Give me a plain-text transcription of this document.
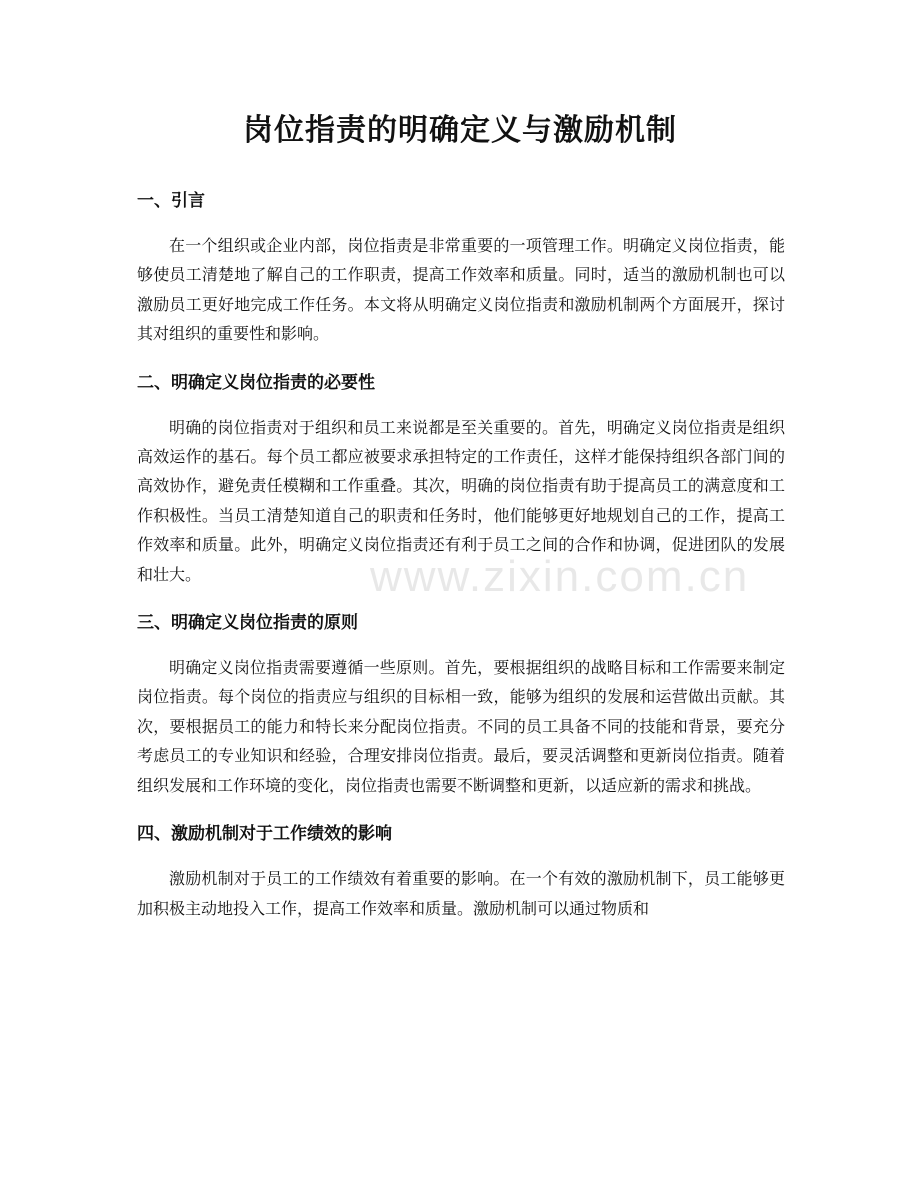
岗位指责的明确定义与激励机制
www.zixin.com.cn
一、引言
在一个组织或企业内部，岗位指责是非常重要的一项管理工作。明确定义岗位指责，能够使员工清楚地了解自己的工作职责，提高工作效率和质量。同时，适当的激励机制也可以激励员工更好地完成工作任务。本文将从明确定义岗位指责和激励机制两个方面展开，探讨其对组织的重要性和影响。
二、明确定义岗位指责的必要性
明确的岗位指责对于组织和员工来说都是至关重要的。首先，明确定义岗位指责是组织高效运作的基石。每个员工都应被要求承担特定的工作责任，这样才能保持组织各部门间的高效协作，避免责任模糊和工作重叠。其次，明确的岗位指责有助于提高员工的满意度和工作积极性。当员工清楚知道自己的职责和任务时，他们能够更好地规划自己的工作，提高工作效率和质量。此外，明确定义岗位指责还有利于员工之间的合作和协调，促进团队的发展和壮大。
三、明确定义岗位指责的原则
明确定义岗位指责需要遵循一些原则。首先，要根据组织的战略目标和工作需要来制定岗位指责。每个岗位的指责应与组织的目标相一致，能够为组织的发展和运营做出贡献。其次，要根据员工的能力和特长来分配岗位指责。不同的员工具备不同的技能和背景，要充分考虑员工的专业知识和经验，合理安排岗位指责。最后，要灵活调整和更新岗位指责。随着组织发展和工作环境的变化，岗位指责也需要不断调整和更新，以适应新的需求和挑战。
四、激励机制对于工作绩效的影响
激励机制对于员工的工作绩效有着重要的影响。在一个有效的激励机制下，员工能够更加积极主动地投入工作，提高工作效率和质量。激励机制可以通过物质和
